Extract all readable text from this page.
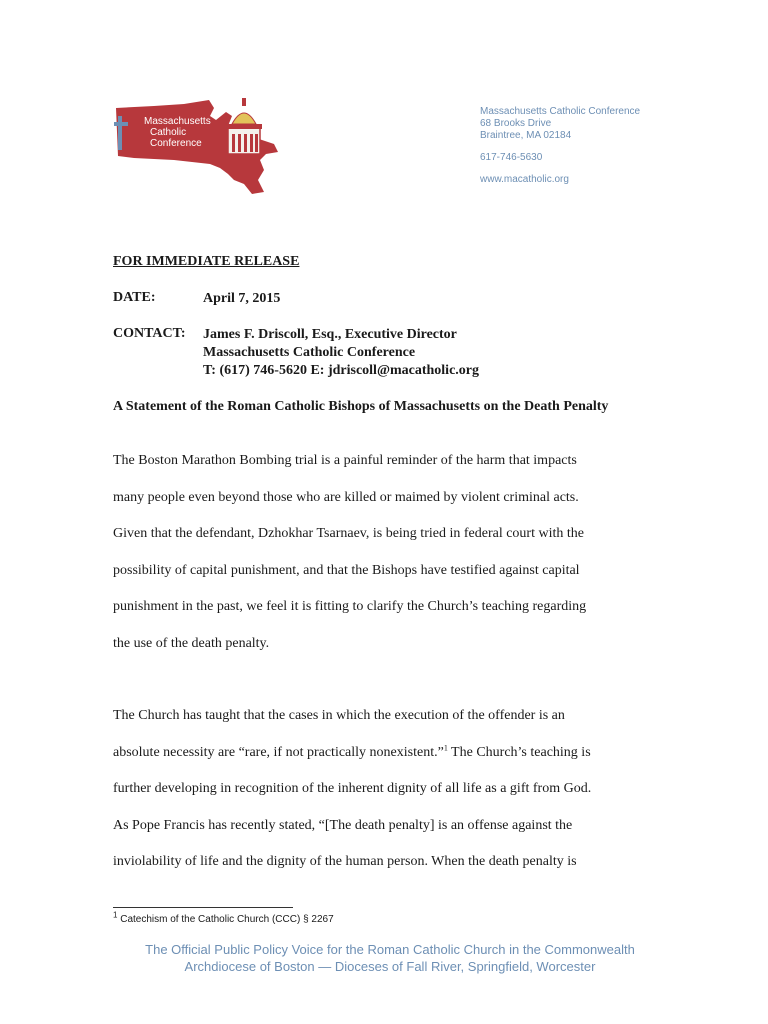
Massachusetts
Catholic
Conference
Massachusetts Catholic Conference
68 Brooks Drive
Braintree, MA 02184
617-746-5630
www.macatholic.org
FOR IMMEDIATE RELEASE
DATE:	April 7, 2015
CONTACT: James F. Driscoll, Esq., Executive Director
Massachusetts Catholic Conference
T: (617) 746-5620 E: jdriscoll@macatholic.org
A Statement of the Roman Catholic Bishops of Massachusetts on the Death Penalty
The Boston Marathon Bombing trial is a painful reminder of the harm that impacts
many people even beyond those who are killed or maimed by violent criminal acts.
Given that the defendant, Dzhokhar Tsarnaev, is being tried in federal court with the
possibility of capital punishment, and that the Bishops have testified against capital
punishment in the past, we feel it is fitting to clarify the Church’s teaching regarding
the use of the death penalty.
The Church has taught that the cases in which the execution of the offender is an
absolute necessity are “rare, if not practically nonexistent.”$^1$ The Church’s teaching is
further developing in recognition of the inherent dignity of all life as a gift from God.
As Pope Francis has recently stated, “[The death penalty] is an offense against the
inviolability of life and the dignity of the human person. When the death penalty is
$^1$ Catechism of the Catholic Church (CCC) § 2267
The Official Public Policy Voice for the Roman Catholic Church in the Commonwealth
Archdiocese of Boston — Dioceses of Fall River, Springfield, Worcester
